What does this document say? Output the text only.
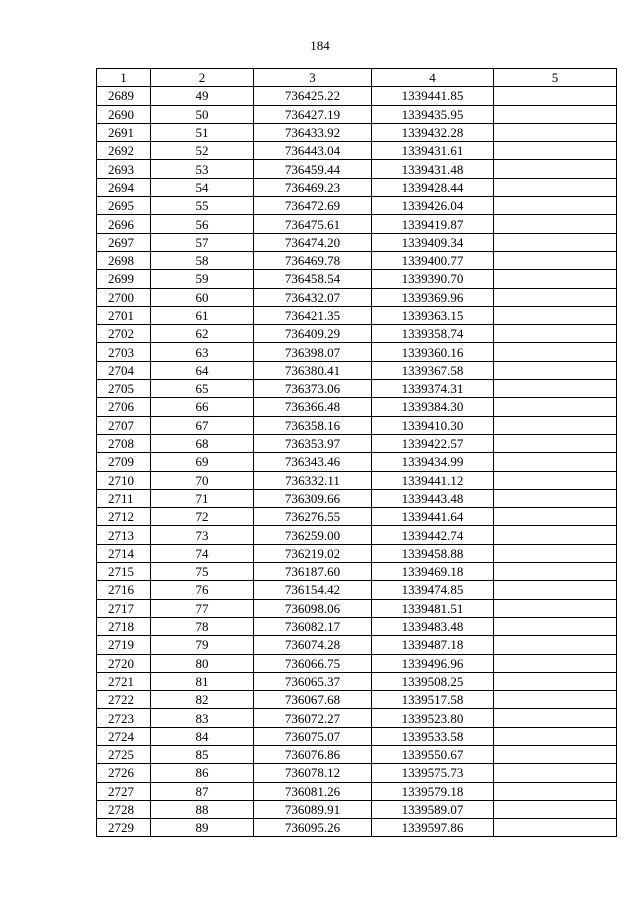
184
1	2	3	4	5
2689	49	736425.22	1339441.85	
2690	50	736427.19	1339435.95	
2691	51	736433.92	1339432.28	
2692	52	736443.04	1339431.61	
2693	53	736459.44	1339431.48	
2694	54	736469.23	1339428.44	
2695	55	736472.69	1339426.04	
2696	56	736475.61	1339419.87	
2697	57	736474.20	1339409.34	
2698	58	736469.78	1339400.77	
2699	59	736458.54	1339390.70	
2700	60	736432.07	1339369.96	
2701	61	736421.35	1339363.15	
2702	62	736409.29	1339358.74	
2703	63	736398.07	1339360.16	
2704	64	736380.41	1339367.58	
2705	65	736373.06	1339374.31	
2706	66	736366.48	1339384.30	
2707	67	736358.16	1339410.30	
2708	68	736353.97	1339422.57	
2709	69	736343.46	1339434.99	
2710	70	736332.11	1339441.12	
2711	71	736309.66	1339443.48	
2712	72	736276.55	1339441.64	
2713	73	736259.00	1339442.74	
2714	74	736219.02	1339458.88	
2715	75	736187.60	1339469.18	
2716	76	736154.42	1339474.85	
2717	77	736098.06	1339481.51	
2718	78	736082.17	1339483.48	
2719	79	736074.28	1339487.18	
2720	80	736066.75	1339496.96	
2721	81	736065.37	1339508.25	
2722	82	736067.68	1339517.58	
2723	83	736072.27	1339523.80	
2724	84	736075.07	1339533.58	
2725	85	736076.86	1339550.67	
2726	86	736078.12	1339575.73	
2727	87	736081.26	1339579.18	
2728	88	736089.91	1339589.07	
2729	89	736095.26	1339597.86	
